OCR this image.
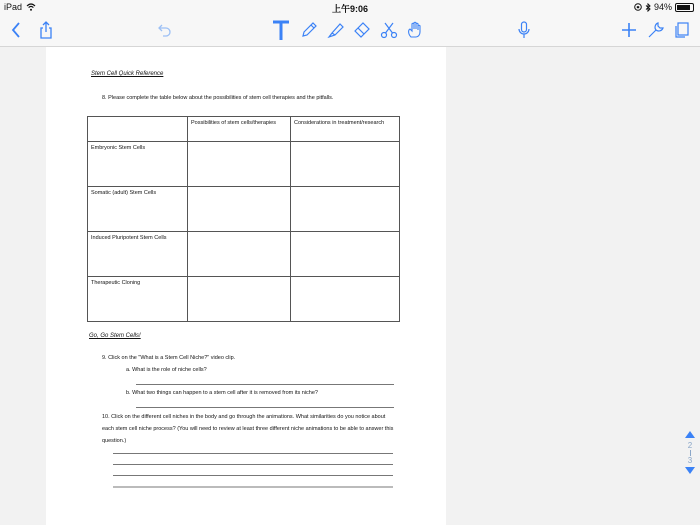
iPad	上午9:06	94%
Stem Cell Quick Reference
8. Please complete the table below about the possibilities of stem cell therapies and the pitfalls.
	Possibilities of stem cells/therapies	Considerations in treatment/research
Embryonic Stem Cells		
Somatic (adult) Stem Cells		
Induced Pluripotent Stem Cells		
Therapeutic Cloning		
Go, Go Stem Cells!
9. Click on the "What is a Stem Cell Niche?" video clip.
a. What is the role of niche cells?
b. What two things can happen to a stem cell after it is removed from its niche?
10. Click on the different cell niches in the body and go through the animations. What similarities do you notice about each stem cell niche process? (You will need to review at least three different niche animations to be able to answer this question.)	2
3
